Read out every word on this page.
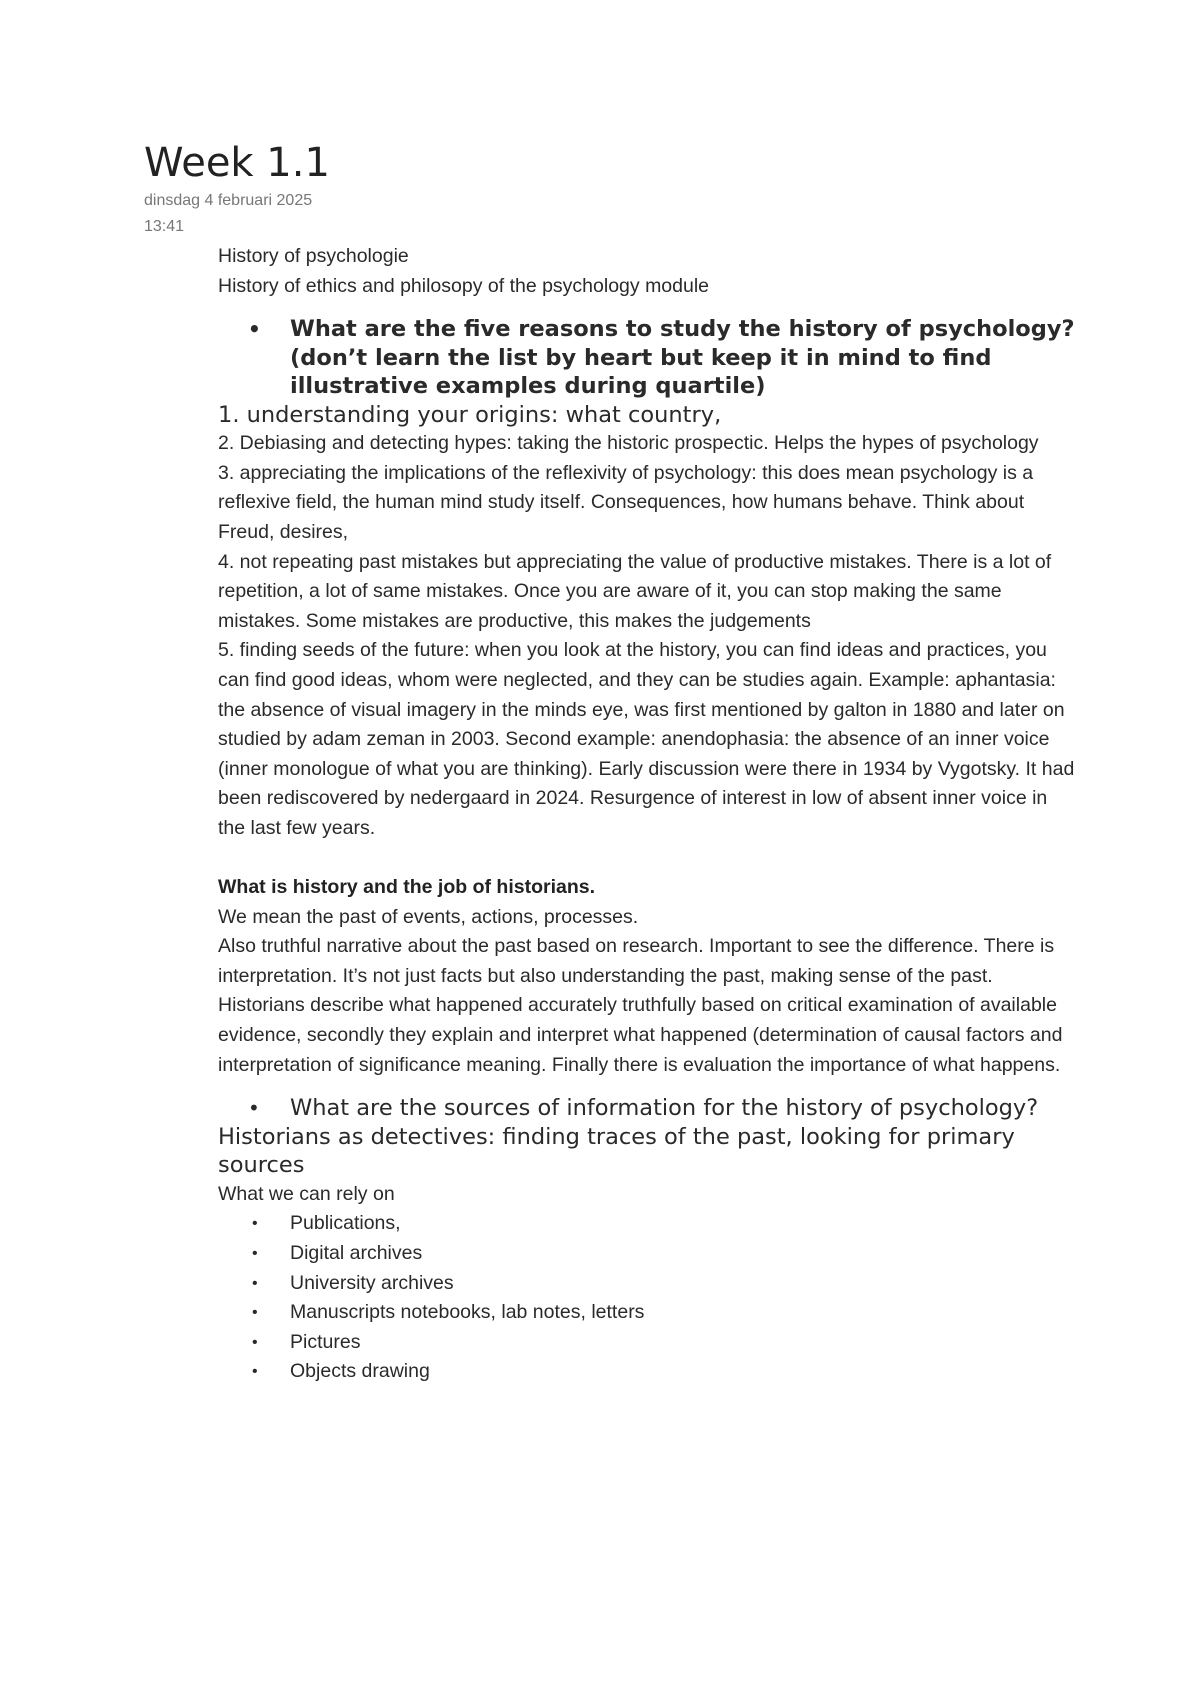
Week 1.1
dinsdag 4 februari 2025
13:41

History of psychologie

History of ethics and philosopy of the psychology module

• What are the five reasons to study the history of psychology? (don’t learn the list by heart but keep it in mind to find illustrative examples during quartile)

1. understanding your origins: what country,

2. Debiasing and detecting hypes: taking the historic prospectic. Helps the hypes of psychology

3. appreciating the implications of the reflexivity of psychology: this does mean psychology is a reflexive field, the human mind study itself. Consequences, how humans behave. Think about Freud, desires,

4. not repeating past mistakes but appreciating the value of productive mistakes. There is a lot of repetition, a lot of same mistakes. Once you are aware of it, you can stop making the same mistakes. Some mistakes are productive, this makes the judgements

5. finding seeds of the future: when you look at the history, you can find ideas and practices, you can find good ideas, whom were neglected, and they can be studies again. Example: aphantasia: the absence of visual imagery in the minds eye, was first mentioned by galton in 1880 and later on studied by adam zeman in 2003. Second example: anendophasia: the absence of an inner voice (inner monologue of what you are thinking). Early discussion were there in 1934 by Vygotsky. It had been rediscovered by nedergaard in 2024. Resurgence of interest in low of absent inner voice in the last few years.

What is history and the job of historians.

We mean the past of events, actions, processes.

Also truthful narrative about the past based on research. Important to see the difference. There is interpretation. It’s not just facts but also understanding the past, making sense of the past. Historians describe what happened accurately truthfully based on critical examination of available evidence, secondly they explain and interpret what happened (determination of causal factors and interpretation of significance meaning. Finally there is evaluation the importance of what happens.

• What are the sources of information for the history of psychology?

Historians as detectives: finding traces of the past, looking for primary sources

What we can rely on

• Publications,
• Digital archives
• University archives
• Manuscripts notebooks, lab notes, letters
• Pictures
• Objects drawing
